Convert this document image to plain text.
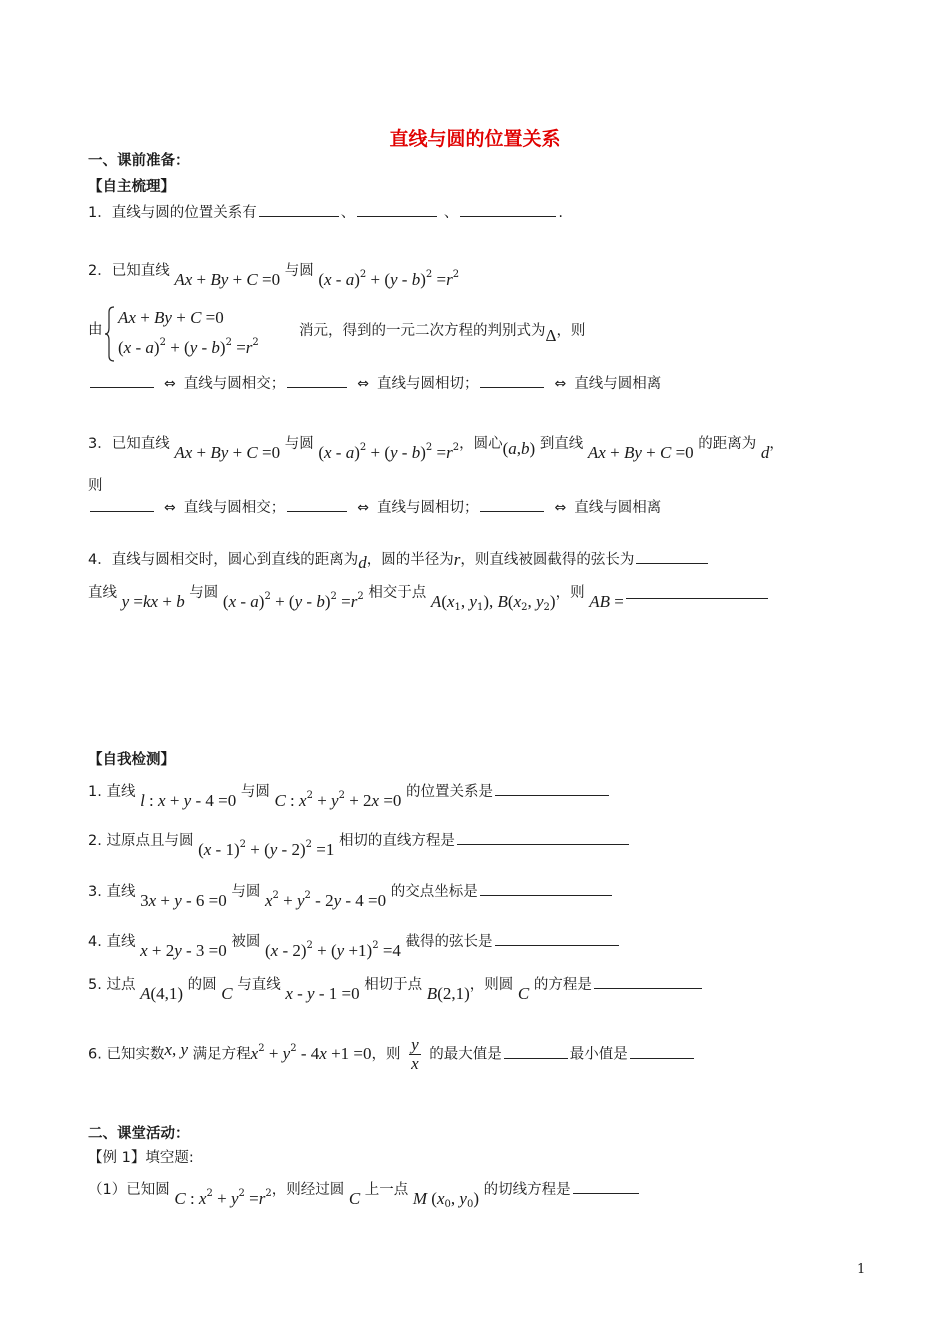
直线与圆的位置关系
一、课前准备：
【自主梳理】
1．直线与圆的位置关系有	、	、	.
2．已知直线 Ax + By + C =0 与圆 $(x - a)^2 + (y - b)^2 =r^2$
由
Ax + By + C =0
$(x - a)^2 + (y - b)^2 =r^2$
消元，得到的一元二次方程的判别式为Δ，则
⇔ 直线与圆相交；	⇔ 直线与圆相切；	⇔ 直线与圆相离
3．已知直线 Ax + By + C =0 与圆 $(x - a)^2 + (y - b)^2 =r^2$，圆心(a,b) 到直线 Ax + By + C =0 的距离为 d，
则
⇔ 直线与圆相交；	⇔ 直线与圆相切；	⇔ 直线与圆相离
4．直线与圆相交时，圆心到直线的距离为d，圆的半径为r，则直线被圆截得的弦长为
直线 y =kx + b 与圆 $(x - a)^2 + (y - b)^2 =r^2$ 相交于点 $A(x_1$, $y_1$), $B(x_2$, $y_2$)，则 AB =
【自我检测】
1. 直线 l : x + y - 4 =0 与圆 C : $x^2 + y^2 + 2x =0$ 的位置关系是
2. 过原点且与圆 (x - 1)$^2$ + (y - 2)$^2$ =1 相切的直线方程是
3. 直线 3x + y - 6 =0 与圆 $x^2 + y^2 - 2y - 4 =0$ 的交点坐标是
4. 直线 x + 2y - 3 =0 被圆 $(x - 2)^2 + (y +1)^2 =4$ 截得的弦长是
5. 过点 A(4,1) 的圆 C 与直线 x - y - 1 =0 相切于点 B(2,1)，则圆 C 的方程是
6. 已知实数x, y 满足方程$x^2 + y^2 - 4x +1 =0$，则 $\frac{y}{x}$ 的最大值是	最小值是
二、课堂活动：
【例 1】填空题:
（1）已知圆 C : $x^2 + y^2 =r^2$，则经过圆 C 上一点 M ($x_0$, $y_0$) 的切线方程是
1
